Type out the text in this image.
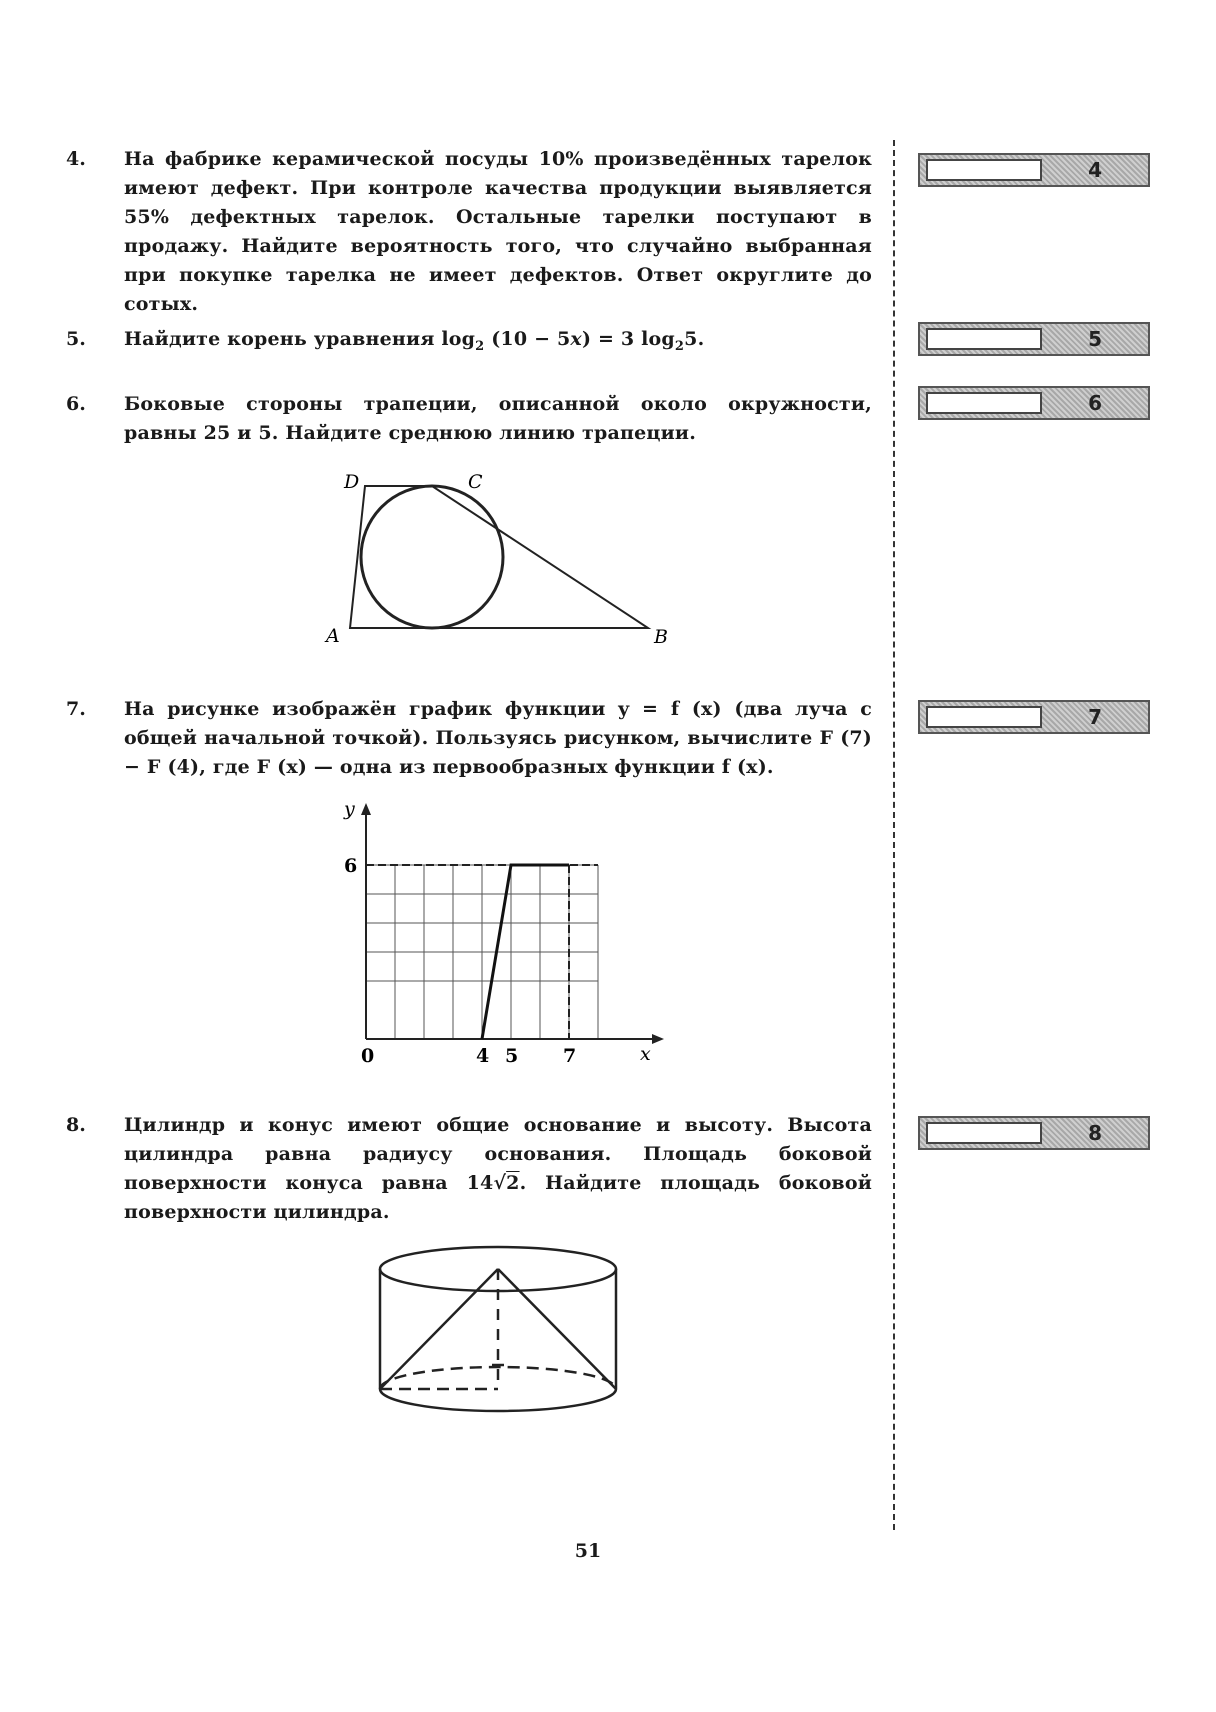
4. На фабрике керамической посуды 10% произведённых тарелок имеют дефект. При контроле качества продукции выявляется 55% дефектных тарелок. Остальные тарелки поступают в продажу. Найдите вероятность того, что случайно выбранная при покупке тарелка не имеет дефектов. Ответ округлите до сотых.
4
5. Найдите корень уравнения $\log_2 (10 - 5x) = 3$ $\log_25$.	5
6. Боковые стороны трапеции, описанной около окружности, равны 25 и 5. Найдите среднюю линию трапеции.
6
D	C
A	B
7. На рисунке изображён график функции y = f (x) (два луча с общей начальной точкой). Пользуясь рисунком, вычислите F (7) − F (4), где F (x) — одна из первообразных функции f (x).
7
y
x
6
0	4 5 7
8. Цилиндр и конус имеют общие основание и высоту. Высота цилиндра равна радиусу основания. Площадь боковой поверхности конуса равна 14√2. Найдите площадь боковой поверхности цилиндра.
8
51
